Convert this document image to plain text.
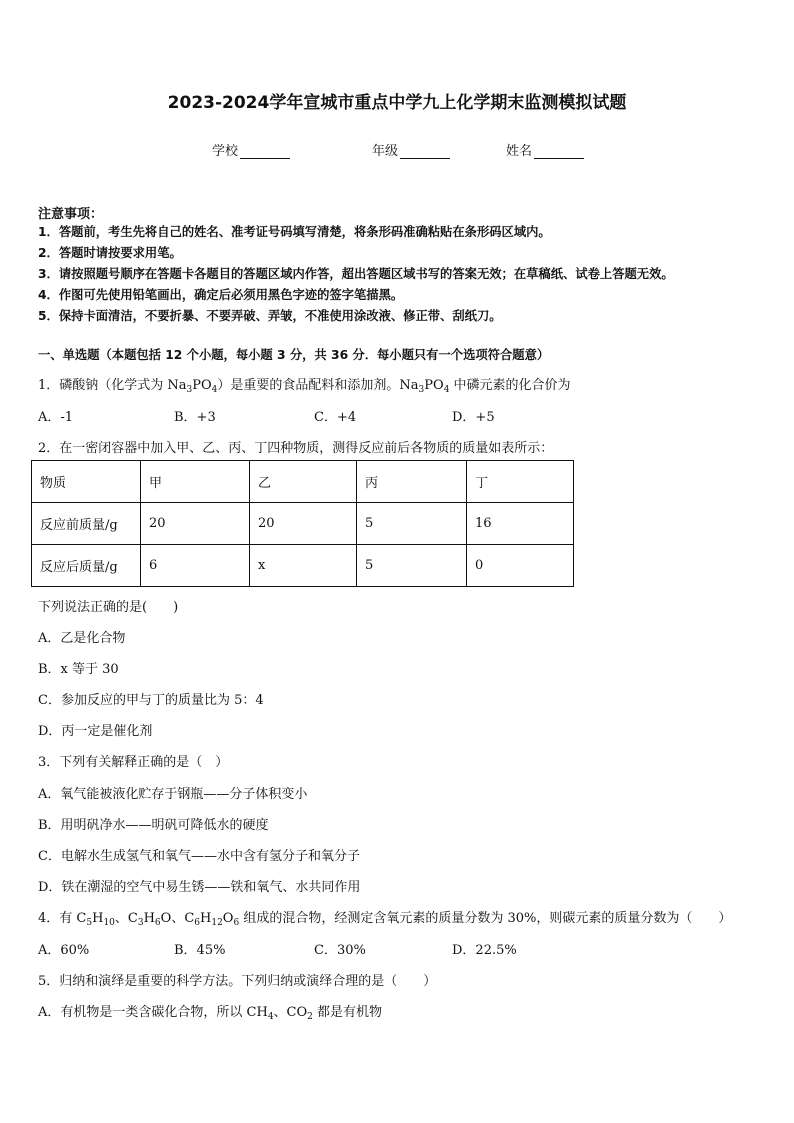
2023-2024学年宣城市重点中学九上化学期末监测模拟试题
学校	年级	姓名
注意事项：
1．答题前，考生先将自己的姓名、准考证号码填写清楚，将条形码准确粘贴在条形码区域内。
2．答题时请按要求用笔。
3．请按照题号顺序在答题卡各题目的答题区域内作答，超出答题区域书写的答案无效；在草稿纸、试卷上答题无效。
4．作图可先使用铅笔画出，确定后必须用黑色字迹的签字笔描黑。
5．保持卡面清洁，不要折暴、不要弄破、弄皱，不准使用涂改液、修正带、刮纸刀。
一、单选题（本题包括 12 个小题，每小题 3 分，共 36 分．每小题只有一个选项符合题意）
1．磷酸钠（化学式为 $Na_3PO_4$）是重要的食品配料和添加剂。$Na_3PO_4$ 中磷元素的化合价为
A．-1	B．+3	C．+4	D．+5
2．在一密闭容器中加入甲、乙、丙、丁四种物质，测得反应前后各物质的质量如表所示：
物质	甲	乙	丙	丁
反应前质量/g	20	20	5	16
反应后质量/g	6	x	5	0
下列说法正确的是(　　)
A．乙是化合物
B．x 等于 30
C．参加反应的甲与丁的质量比为 5：4
D．丙一定是催化剂
3．下列有关解释正确的是（　）
A．氧气能被液化贮存于钢瓶——分子体积变小
B．用明矾净水——明矾可降低水的硬度
C．电解水生成氢气和氧气——水中含有氢分子和氧分子
D．铁在潮湿的空气中易生锈——铁和氧气、水共同作用
4．有 $C_5H_{10}$、$C_3H_6O$、$C_6H_{12}O_6$ 组成的混合物，经测定含氧元素的质量分数为 30%，则碳元素的质量分数为（　　）
A．60%	B．45%	C．30%	D．22.5%
5．归纳和演绎是重要的科学方法。下列归纳或演绎合理的是（　　）
A．有机物是一类含碳化合物，所以 $CH_4$、$CO_2$ 都是有机物
